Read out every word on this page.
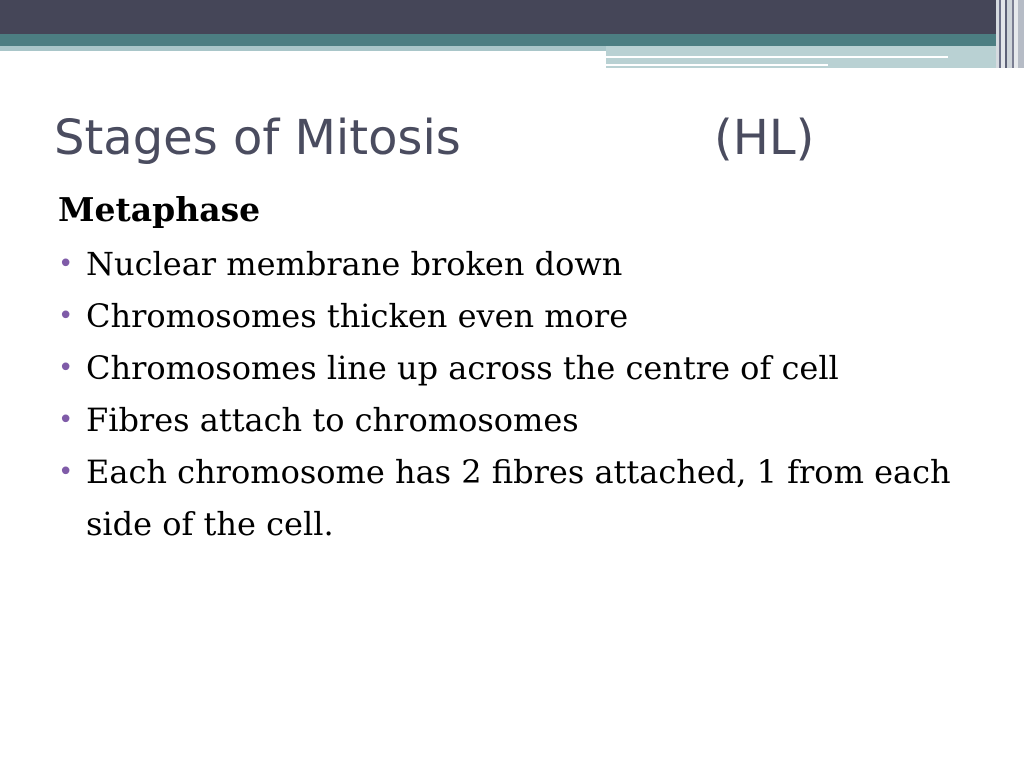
Stages of Mitosis	(HL)

Metaphase

• Nuclear membrane broken down
• Chromosomes thicken even more
• Chromosomes line up across the centre of cell
• Fibres attach to chromosomes
• Each chromosome has 2 fibres attached, 1 from each side of the cell.
